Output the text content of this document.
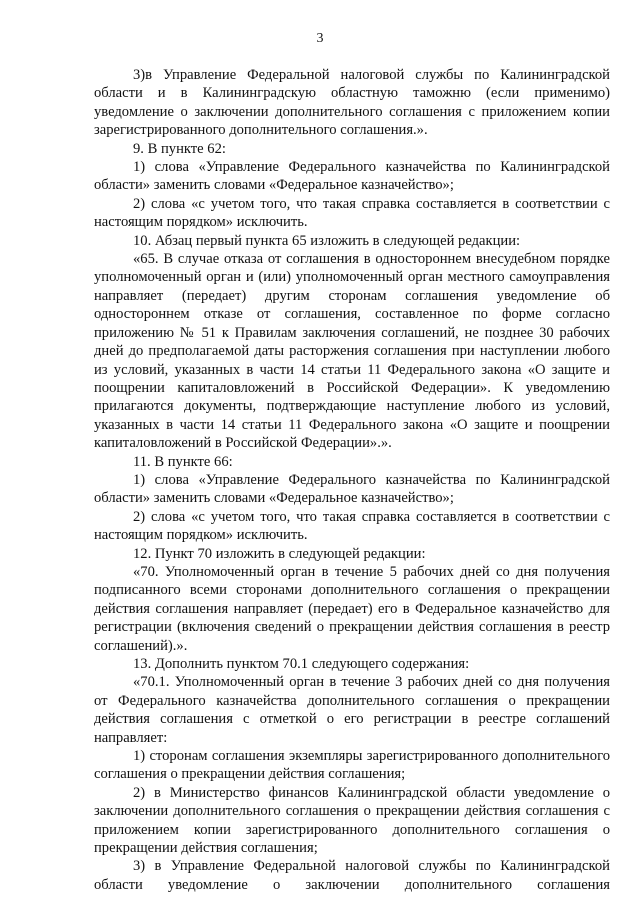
3

3)в Управление Федеральной налоговой службы по Калининградской области и в Калининградскую областную таможню (если применимо) уведомление о заключении дополнительного соглашения с приложением копии зарегистрированного дополнительного соглашения.».

9. В пункте 62:

1) слова «Управление Федерального казначейства по Калининградской области» заменить словами «Федеральное казначейство»;

2) слова «с учетом того, что такая справка составляется в соответствии с настоящим порядком» исключить.

10. Абзац первый пункта 65 изложить в следующей редакции:

«65. В случае отказа от соглашения в одностороннем внесудебном порядке уполномоченный орган и (или) уполномоченный орган местного самоуправления направляет (передает) другим сторонам соглашения уведомление об одностороннем отказе от соглашения, составленное по форме согласно приложению № 51 к Правилам заключения соглашений, не позднее 30 рабочих дней до предполагаемой даты расторжения соглашения при наступлении любого из условий, указанных в части 14 статьи 11 Федерального закона «О защите и поощрении капиталовложений в Российской Федерации». К уведомлению прилагаются документы, подтверждающие наступление любого из условий, указанных в части 14 статьи 11 Федерального закона «О защите и поощрении капиталовложений в Российской Федерации».».

11. В пункте 66:

1) слова «Управление Федерального казначейства по Калининградской области» заменить словами «Федеральное казначейство»;

2) слова «с учетом того, что такая справка составляется в соответствии с настоящим порядком» исключить.

12. Пункт 70 изложить в следующей редакции:

«70. Уполномоченный орган в течение 5 рабочих дней со дня получения подписанного всеми сторонами дополнительного соглашения о прекращении действия соглашения направляет (передает) его в Федеральное казначейство для регистрации (включения сведений о прекращении действия соглашения в реестр соглашений).».

13. Дополнить пунктом 70.1 следующего содержания:

«70.1. Уполномоченный орган в течение 3 рабочих дней со дня получения от Федерального казначейства дополнительного соглашения о прекращении действия соглашения с отметкой о его регистрации в реестре соглашений направляет:

1) сторонам соглашения экземпляры зарегистрированного дополнительного соглашения о прекращении действия соглашения;

2) в Министерство финансов Калининградской области уведомление о заключении дополнительного соглашения о прекращении действия соглашения с приложением копии зарегистрированного дополнительного соглашения о прекращении действия соглашения;

3) в Управление Федеральной налоговой службы по Калининградской области уведомление о заключении дополнительного соглашения
